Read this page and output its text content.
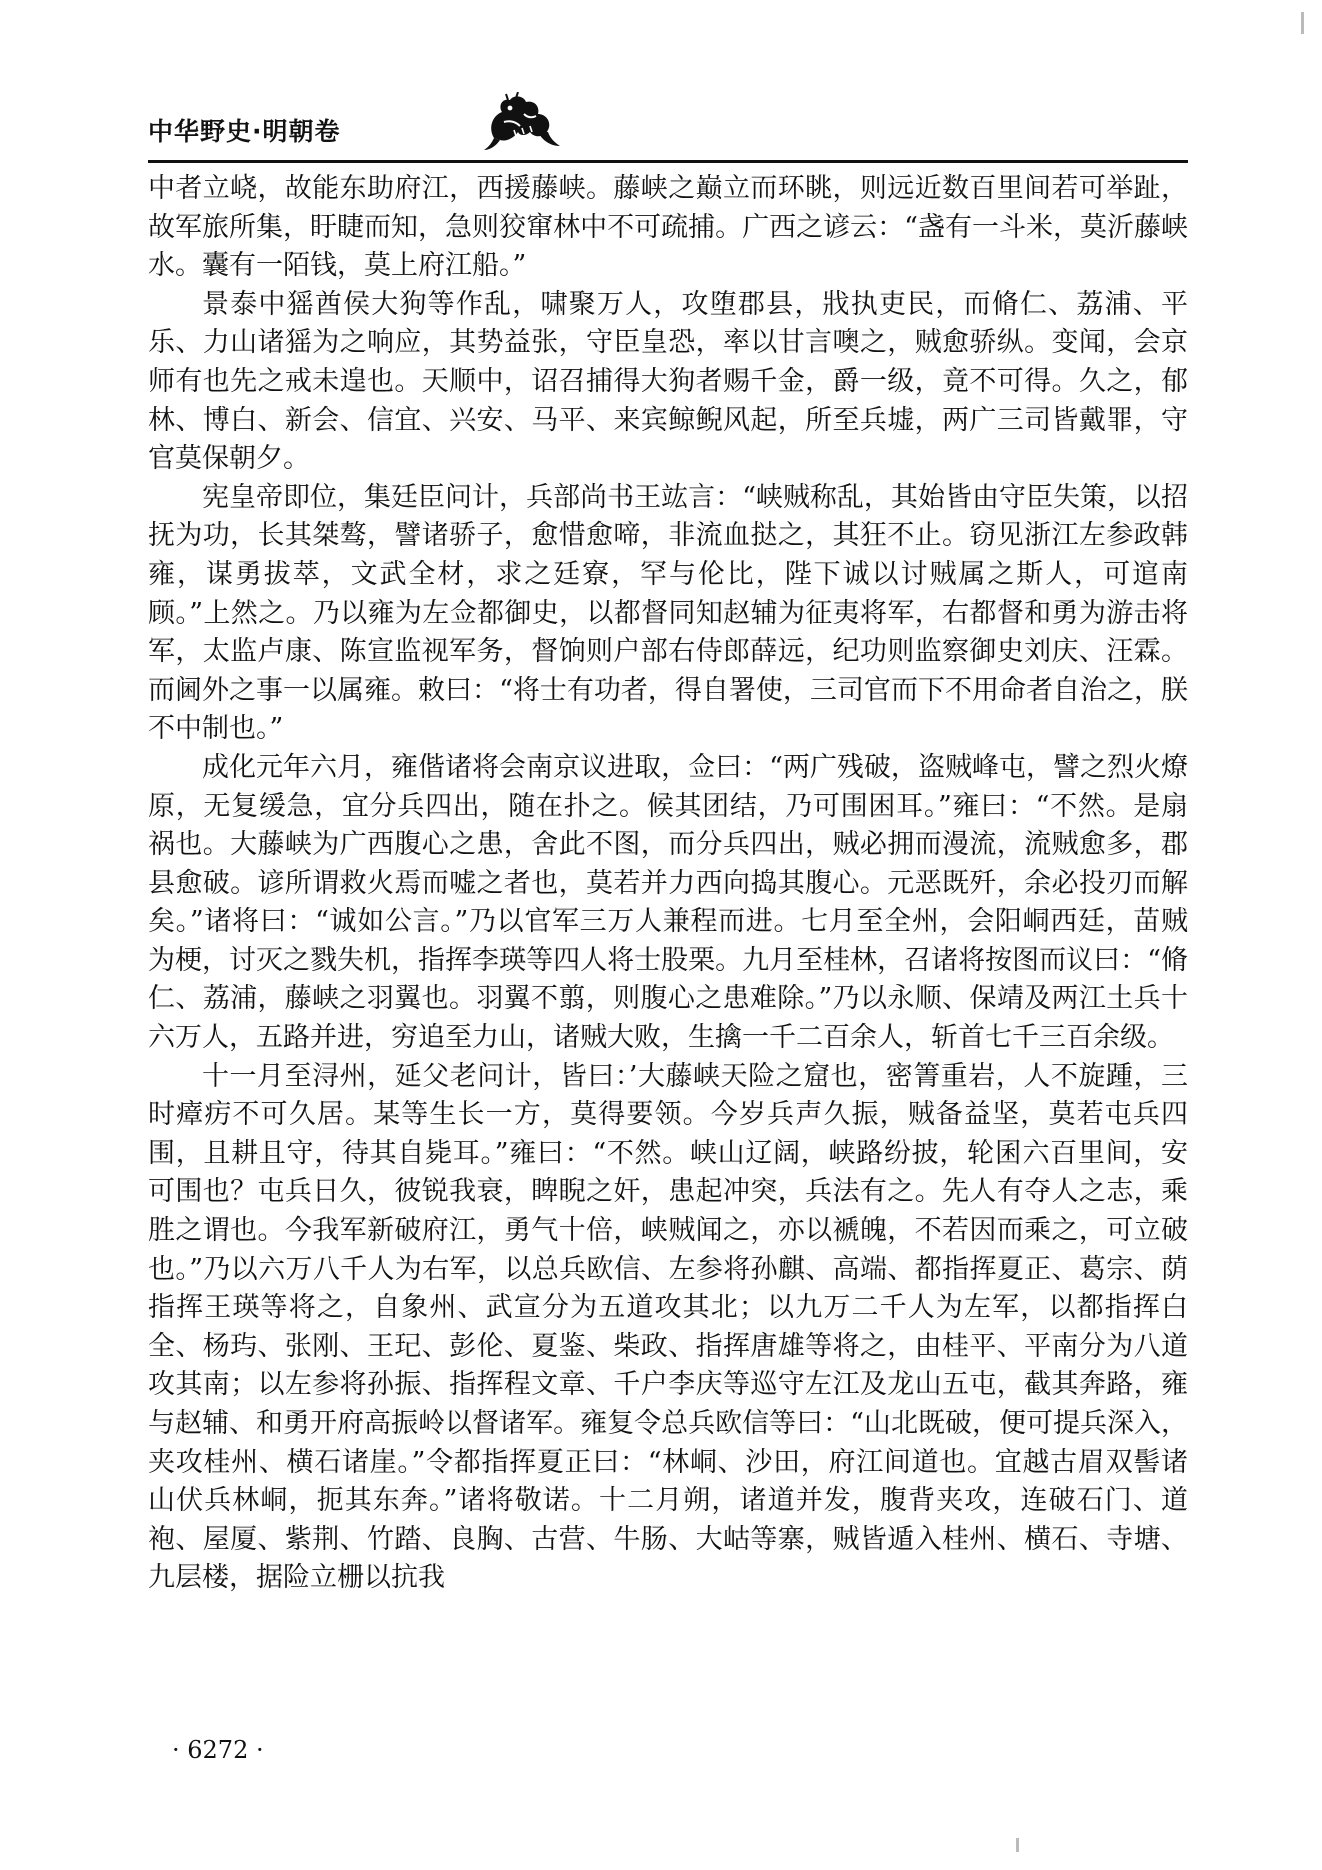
中华野史·明朝卷

中者立峣，故能东助府江，西援藤峡。藤峡之巅立而环眺，则远近数百里间若可举趾，故军旅所集，盱睫而知，急则狡窜林中不可疏捕。广西之谚云：“盏有一斗米，莫沂藤峡水。囊有一陌钱，莫上府江船。”

景泰中猺酋侯大狗等作乱，啸聚万人，攻堕郡县，戕执吏民，而脩仁、荔浦、平乐、力山诸猺为之响应，其势益张，守臣皇恐，率以甘言噢之，贼愈骄纵。变闻，会京师有也先之戒未遑也。天顺中，诏召捕得大狗者赐千金，爵一级，竟不可得。久之，郁林、博白、新会、信宜、兴安、马平、来宾鲸鲵风起，所至兵墟，两广三司皆戴罪，守官莫保朝夕。

宪皇帝即位，集廷臣问计，兵部尚书王竑言：“峡贼称乱，其始皆由守臣失策，以招抚为功，长其桀骜，譬诸骄子，愈惜愈啼，非流血挞之，其狂不止。窃见浙江左参政韩雍，谋勇拔萃，文武全材，求之廷寮，罕与伦比，陛下诚以讨贼属之斯人，可逭南顾。”上然之。乃以雍为左佥都御史，以都督同知赵辅为征夷将军，右都督和勇为游击将军，太监卢康、陈宣监视军务，督饷则户部右侍郎薛远，纪功则监察御史刘庆、汪霖。而阃外之事一以属雍。敕曰：“将士有功者，得自署使，三司官而下不用命者自治之，朕不中制也。”

成化元年六月，雍偕诸将会南京议进取，佥曰：“两广残破，盗贼峰屯，譬之烈火燎原，无复缓急，宜分兵四出，随在扑之。候其团结，乃可围困耳。”雍曰：“不然。是扇祸也。大藤峡为广西腹心之患，舍此不图，而分兵四出，贼必拥而漫流，流贼愈多，郡县愈破。谚所谓救火焉而嘘之者也，莫若并力西向捣其腹心。元恶既歼，余必投刃而解矣。”诸将曰：“诚如公言。”乃以官军三万人兼程而进。七月至全州，会阳峒西廷，苗贼为梗，讨灭之戮失机，指挥李瑛等四人将士股栗。九月至桂林，召诸将按图而议曰：“脩仁、荔浦，藤峡之羽翼也。羽翼不翦，则腹心之患难除。”乃以永顺、保靖及两江土兵十六万人，五路并进，穷追至力山，诸贼大败，生擒一千二百余人，斩首七千三百余级。

十一月至浔州，延父老问计，皆曰：’大藤峡天险之窟也，密箐重岩，人不旋踵，三时瘴疠不可久居。某等生长一方，莫得要领。今岁兵声久振，贼备益坚，莫若屯兵四围，且耕且守，待其自毙耳。”雍曰：“不然。峡山辽阔，峡路纷披，轮囷六百里间，安可围也？屯兵日久，彼锐我衰，睥睨之奸，患起冲突，兵法有之。先人有夺人之志，乘胜之谓也。今我军新破府江，勇气十倍，峡贼闻之，亦以褫魄，不若因而乘之，可立破也。”乃以六万八千人为右军，以总兵欧信、左参将孙麒、高端、都指挥夏正、葛宗、荫指挥王瑛等将之，自象州、武宣分为五道攻其北；以九万二千人为左军，以都指挥白全、杨玙、张刚、王玘、彭伦、夏鉴、柴政、指挥唐雄等将之，由桂平、平南分为八道攻其南；以左参将孙振、指挥程文章、千户李庆等巡守左江及龙山五屯，截其奔路，雍与赵辅、和勇开府高振岭以督诸军。雍复令总兵欧信等曰：“山北既破，便可提兵深入，夹攻桂州、横石诸崖。”令都指挥夏正曰：“林峒、沙田，府江间道也。宜越古眉双髻诸山伏兵林峒，扼其东奔。”诸将敬诺。十二月朔，诸道并发，腹背夹攻，连破石门、道袍、屋厦、紫荆、竹踏、良胸、古营、牛肠、大岵等寨，贼皆遁入桂州、横石、寺塘、九层楼，据险立栅以抗我

· 6272 ·
